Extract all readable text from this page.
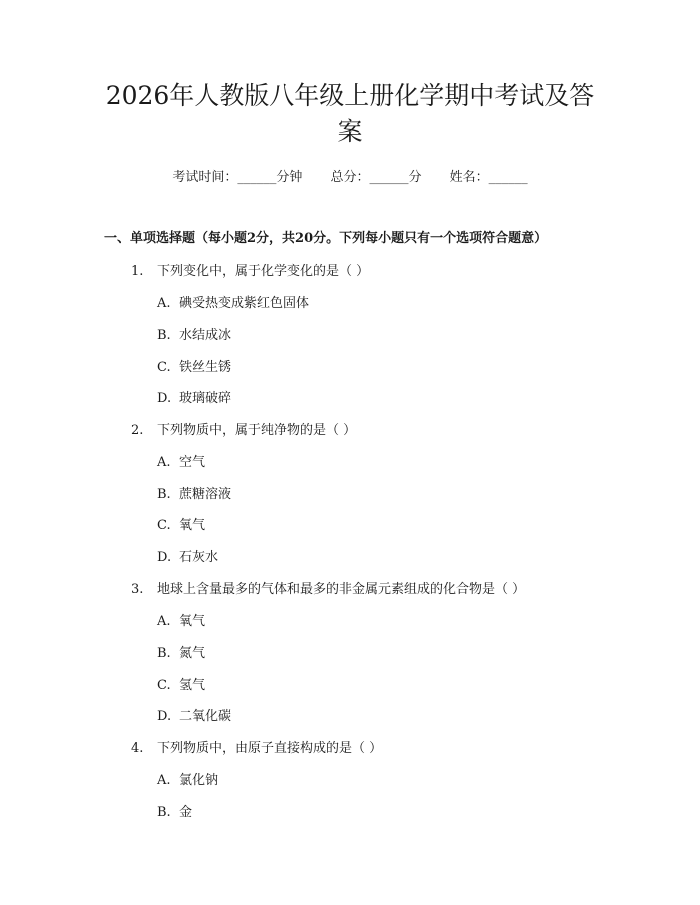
2026年人教版八年级上册化学期中考试及答
案
考试时间：______分钟 总分：______分 姓名：______
一、单项选择题（每小题2分，共20分。下列每小题只有一个选项符合题意）
1. 下列变化中，属于化学变化的是（ ）
A. 碘受热变成紫红色固体
B. 水结成冰
C. 铁丝生锈
D. 玻璃破碎
2. 下列物质中，属于纯净物的是（ ）
A. 空气
B. 蔗糖溶液
C. 氧气
D. 石灰水
3. 地球上含量最多的气体和最多的非金属元素组成的化合物是（ ）
A. 氧气
B. 氮气
C. 氢气
D. 二氧化碳
4. 下列物质中，由原子直接构成的是（ ）
A. 氯化钠
B. 金
